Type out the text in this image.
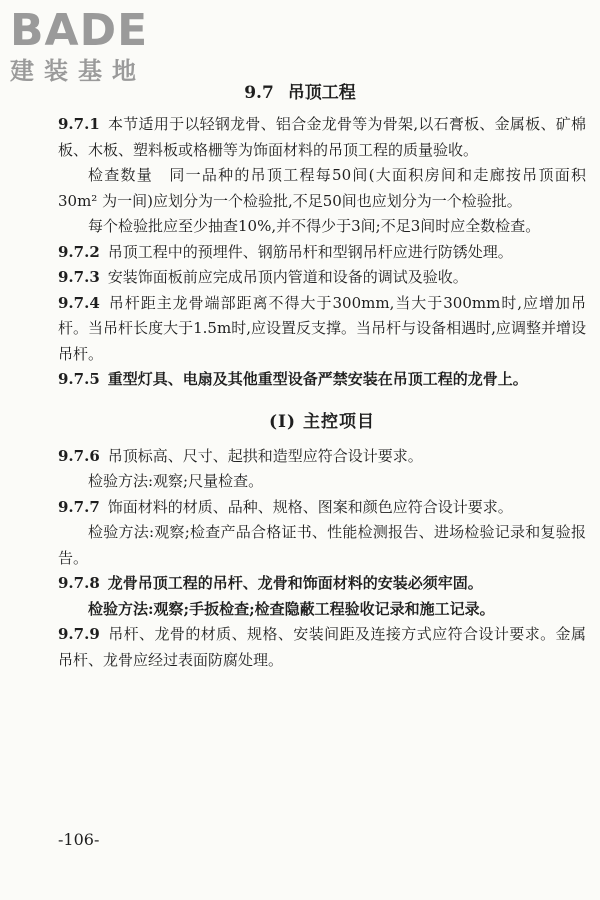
BADE
建装基地
9.7 吊顶工程

9.7.1 本节适用于以轻钢龙骨、铝合金龙骨等为骨架,以石膏板、金属板、矿棉板、木板、塑料板或格栅等为饰面材料的吊顶工程的质量验收。

检查数量　同一品种的吊顶工程每50间(大面积房间和走廊按吊顶面积30m² 为一间)应划分为一个检验批,不足50间也应划分为一个检验批。

每个检验批应至少抽查10%,并不得少于3间;不足3间时应全数检查。

9.7.2 吊顶工程中的预埋件、钢筋吊杆和型钢吊杆应进行防锈处理。

9.7.3 安装饰面板前应完成吊顶内管道和设备的调试及验收。

9.7.4 吊杆距主龙骨端部距离不得大于300mm,当大于300mm时,应增加吊杆。当吊杆长度大于1.5m时,应设置反支撑。当吊杆与设备相遇时,应调整并增设吊杆。

9.7.5 重型灯具、电扇及其他重型设备严禁安装在吊顶工程的龙骨上。

(Ⅰ) 主控项目

9.7.6 吊顶标高、尺寸、起拱和造型应符合设计要求。

检验方法:观察;尺量检查。

9.7.7 饰面材料的材质、品种、规格、图案和颜色应符合设计要求。

检验方法:观察;检查产品合格证书、性能检测报告、进场检验记录和复验报告。

9.7.8 龙骨吊顶工程的吊杆、龙骨和饰面材料的安装必须牢固。

检验方法:观察;手扳检查;检查隐蔽工程验收记录和施工记录。

9.7.9 吊杆、龙骨的材质、规格、安装间距及连接方式应符合设计要求。金属吊杆、龙骨应经过表面防腐处理。

-106-
